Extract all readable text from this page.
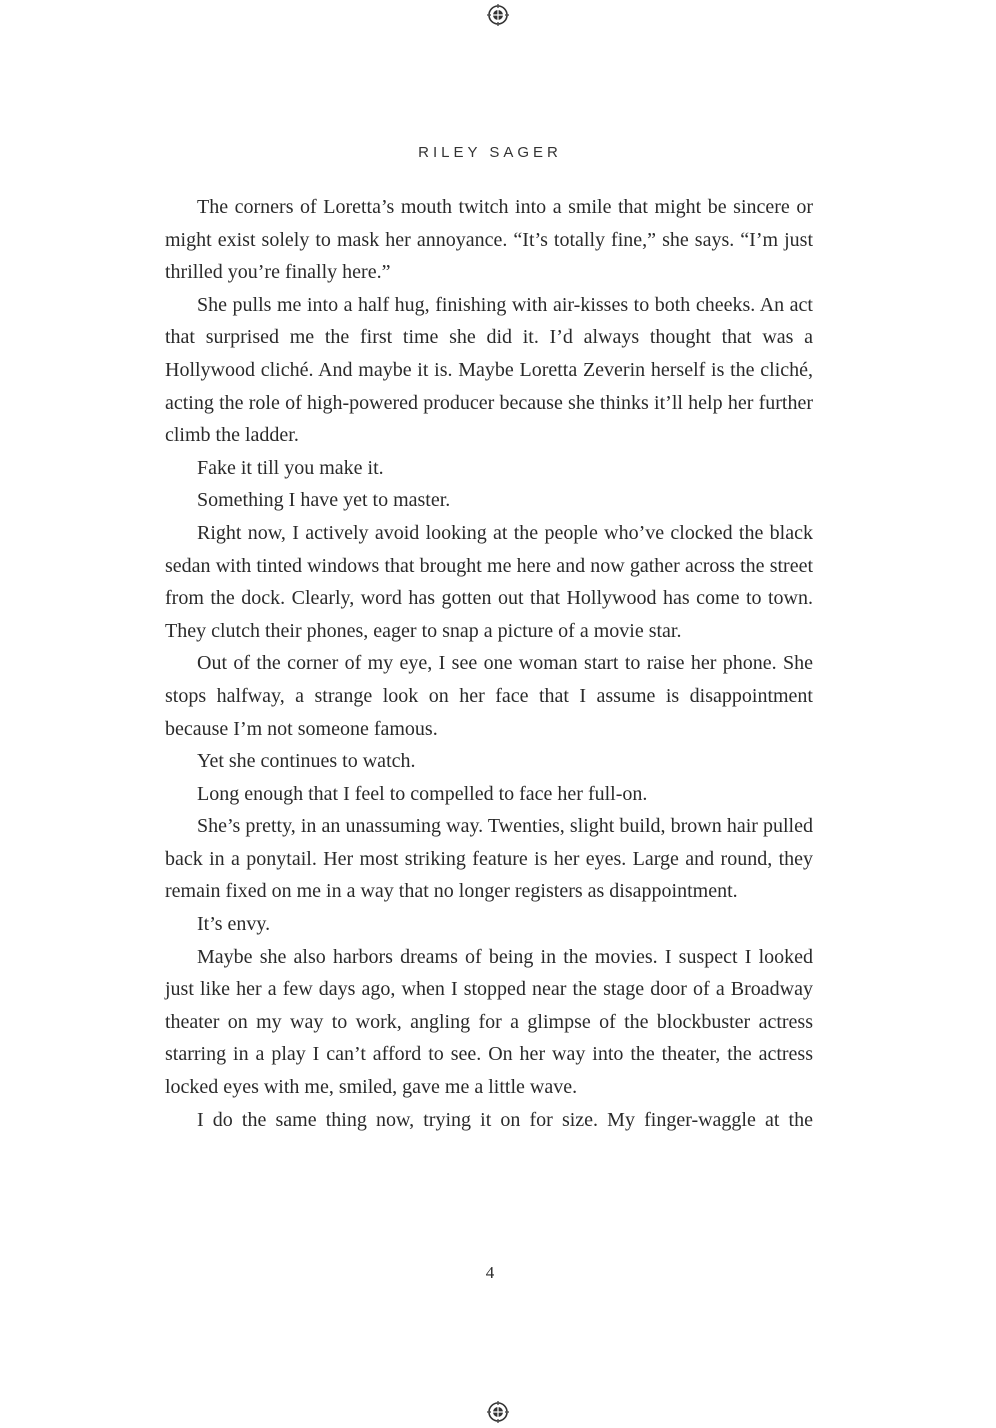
RILEY SAGER

The corners of Loretta’s mouth twitch into a smile that might be sincere or might exist solely to mask her annoyance. “It’s totally fine,” she says. “I’m just thrilled you’re finally here.”

She pulls me into a half hug, finishing with air-kisses to both cheeks. An act that surprised me the first time she did it. I’d always thought that was a Hollywood cliché. And maybe it is. Maybe Loretta Zeverin herself is the cliché, acting the role of high-powered producer because she thinks it’ll help her further climb the ladder.

Fake it till you make it.

Something I have yet to master.

Right now, I actively avoid looking at the people who’ve clocked the black sedan with tinted windows that brought me here and now gather across the street from the dock. Clearly, word has gotten out that Hollywood has come to town. They clutch their phones, eager to snap a picture of a movie star.

Out of the corner of my eye, I see one woman start to raise her phone. She stops halfway, a strange look on her face that I assume is disappointment because I’m not someone famous.

Yet she continues to watch.

Long enough that I feel to compelled to face her full-on.

She’s pretty, in an unassuming way. Twenties, slight build, brown hair pulled back in a ponytail. Her most striking feature is her eyes. Large and round, they remain fixed on me in a way that no longer registers as disappointment.

It’s envy.

Maybe she also harbors dreams of being in the movies. I suspect I looked just like her a few days ago, when I stopped near the stage door of a Broadway theater on my way to work, angling for a glimpse of the blockbuster actress starring in a play I can’t afford to see. On her way into the theater, the actress locked eyes with me, smiled, gave me a little wave.

I do the same thing now, trying it on for size. My finger-waggle at the

4
